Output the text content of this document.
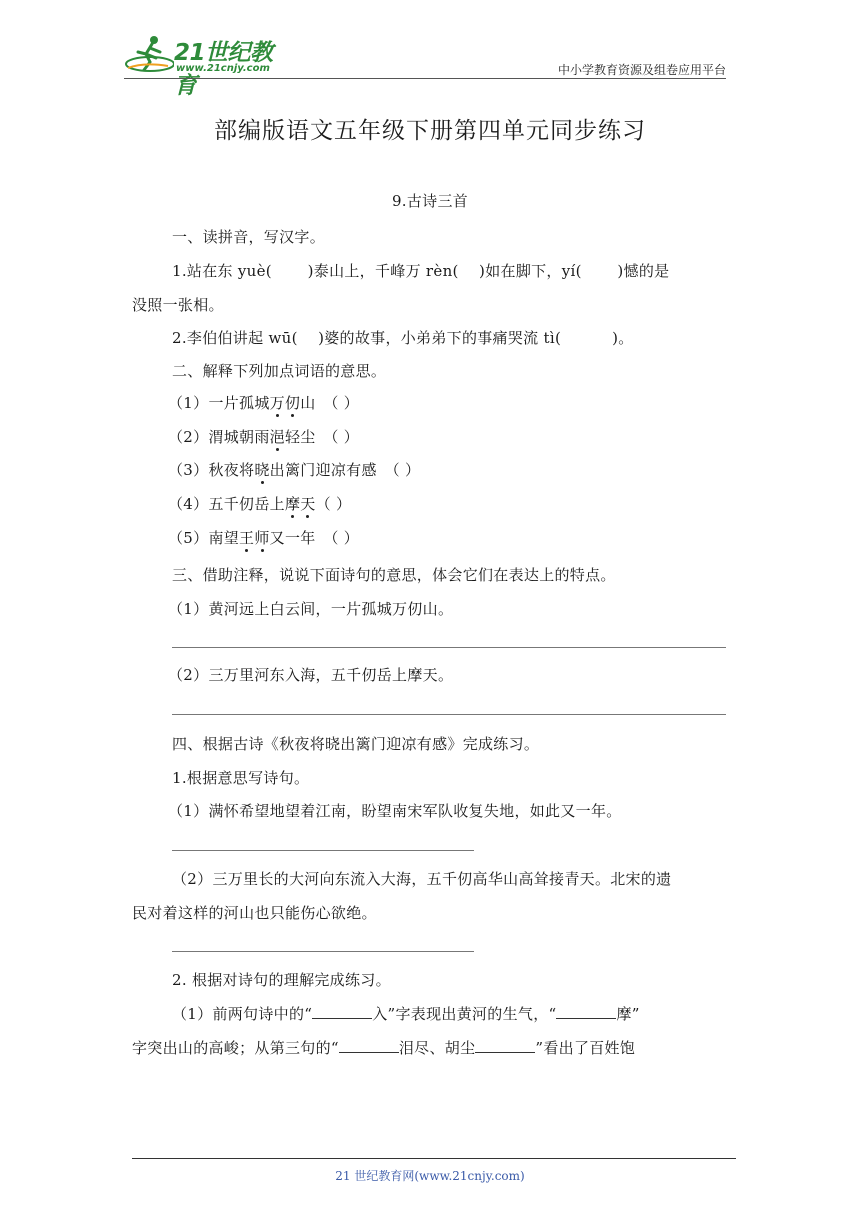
21世纪教育
www.21cnjy.com	中小学教育资源及组卷应用平台
部编版语文五年级下册第四单元同步练习
9.古诗三首
一、读拼音，写汉字。
1.站在东 yuè(　　 )泰山上，千峰万 rèn(　 )如在脚下，yí(　　 )憾的是
没照一张相。
2.李伯伯讲起 wū(　 )婆的故事，小弟弟下的事痛哭流 tì(　　　 )。
二、解释下列加点词语的意思。
（1）一片孤城万仞山　（ ）
（2）渭城朝雨浥轻尘　（ ）
（3）秋夜将晓出篱门迎凉有感　（ ）
（4）五千仞岳上摩天（ ）
（5）南望王师又一年　（ ）
三、借助注释，说说下面诗句的意思，体会它们在表达上的特点。
（1）黄河远上白云间，一片孤城万仞山。
（2）三万里河东入海，五千仞岳上摩天。
四、根据古诗《秋夜将晓出篱门迎凉有感》完成练习。
1.根据意思写诗句。
（1）满怀希望地望着江南，盼望南宋军队收复失地，如此又一年。
（2）三万里长的大河向东流入大海，五千仞高华山高耸接青天。北宋的遗
民对着这样的河山也只能伤心欲绝。
2. 根据对诗句的理解完成练习。
（1）前两句诗中的“	入”字表现出黄河的生气，“	摩”
字突出山的高峻；从第三句的“	泪尽、胡尘	”看出了百姓饱
21 世纪教育网(www.21cnjy.com)
